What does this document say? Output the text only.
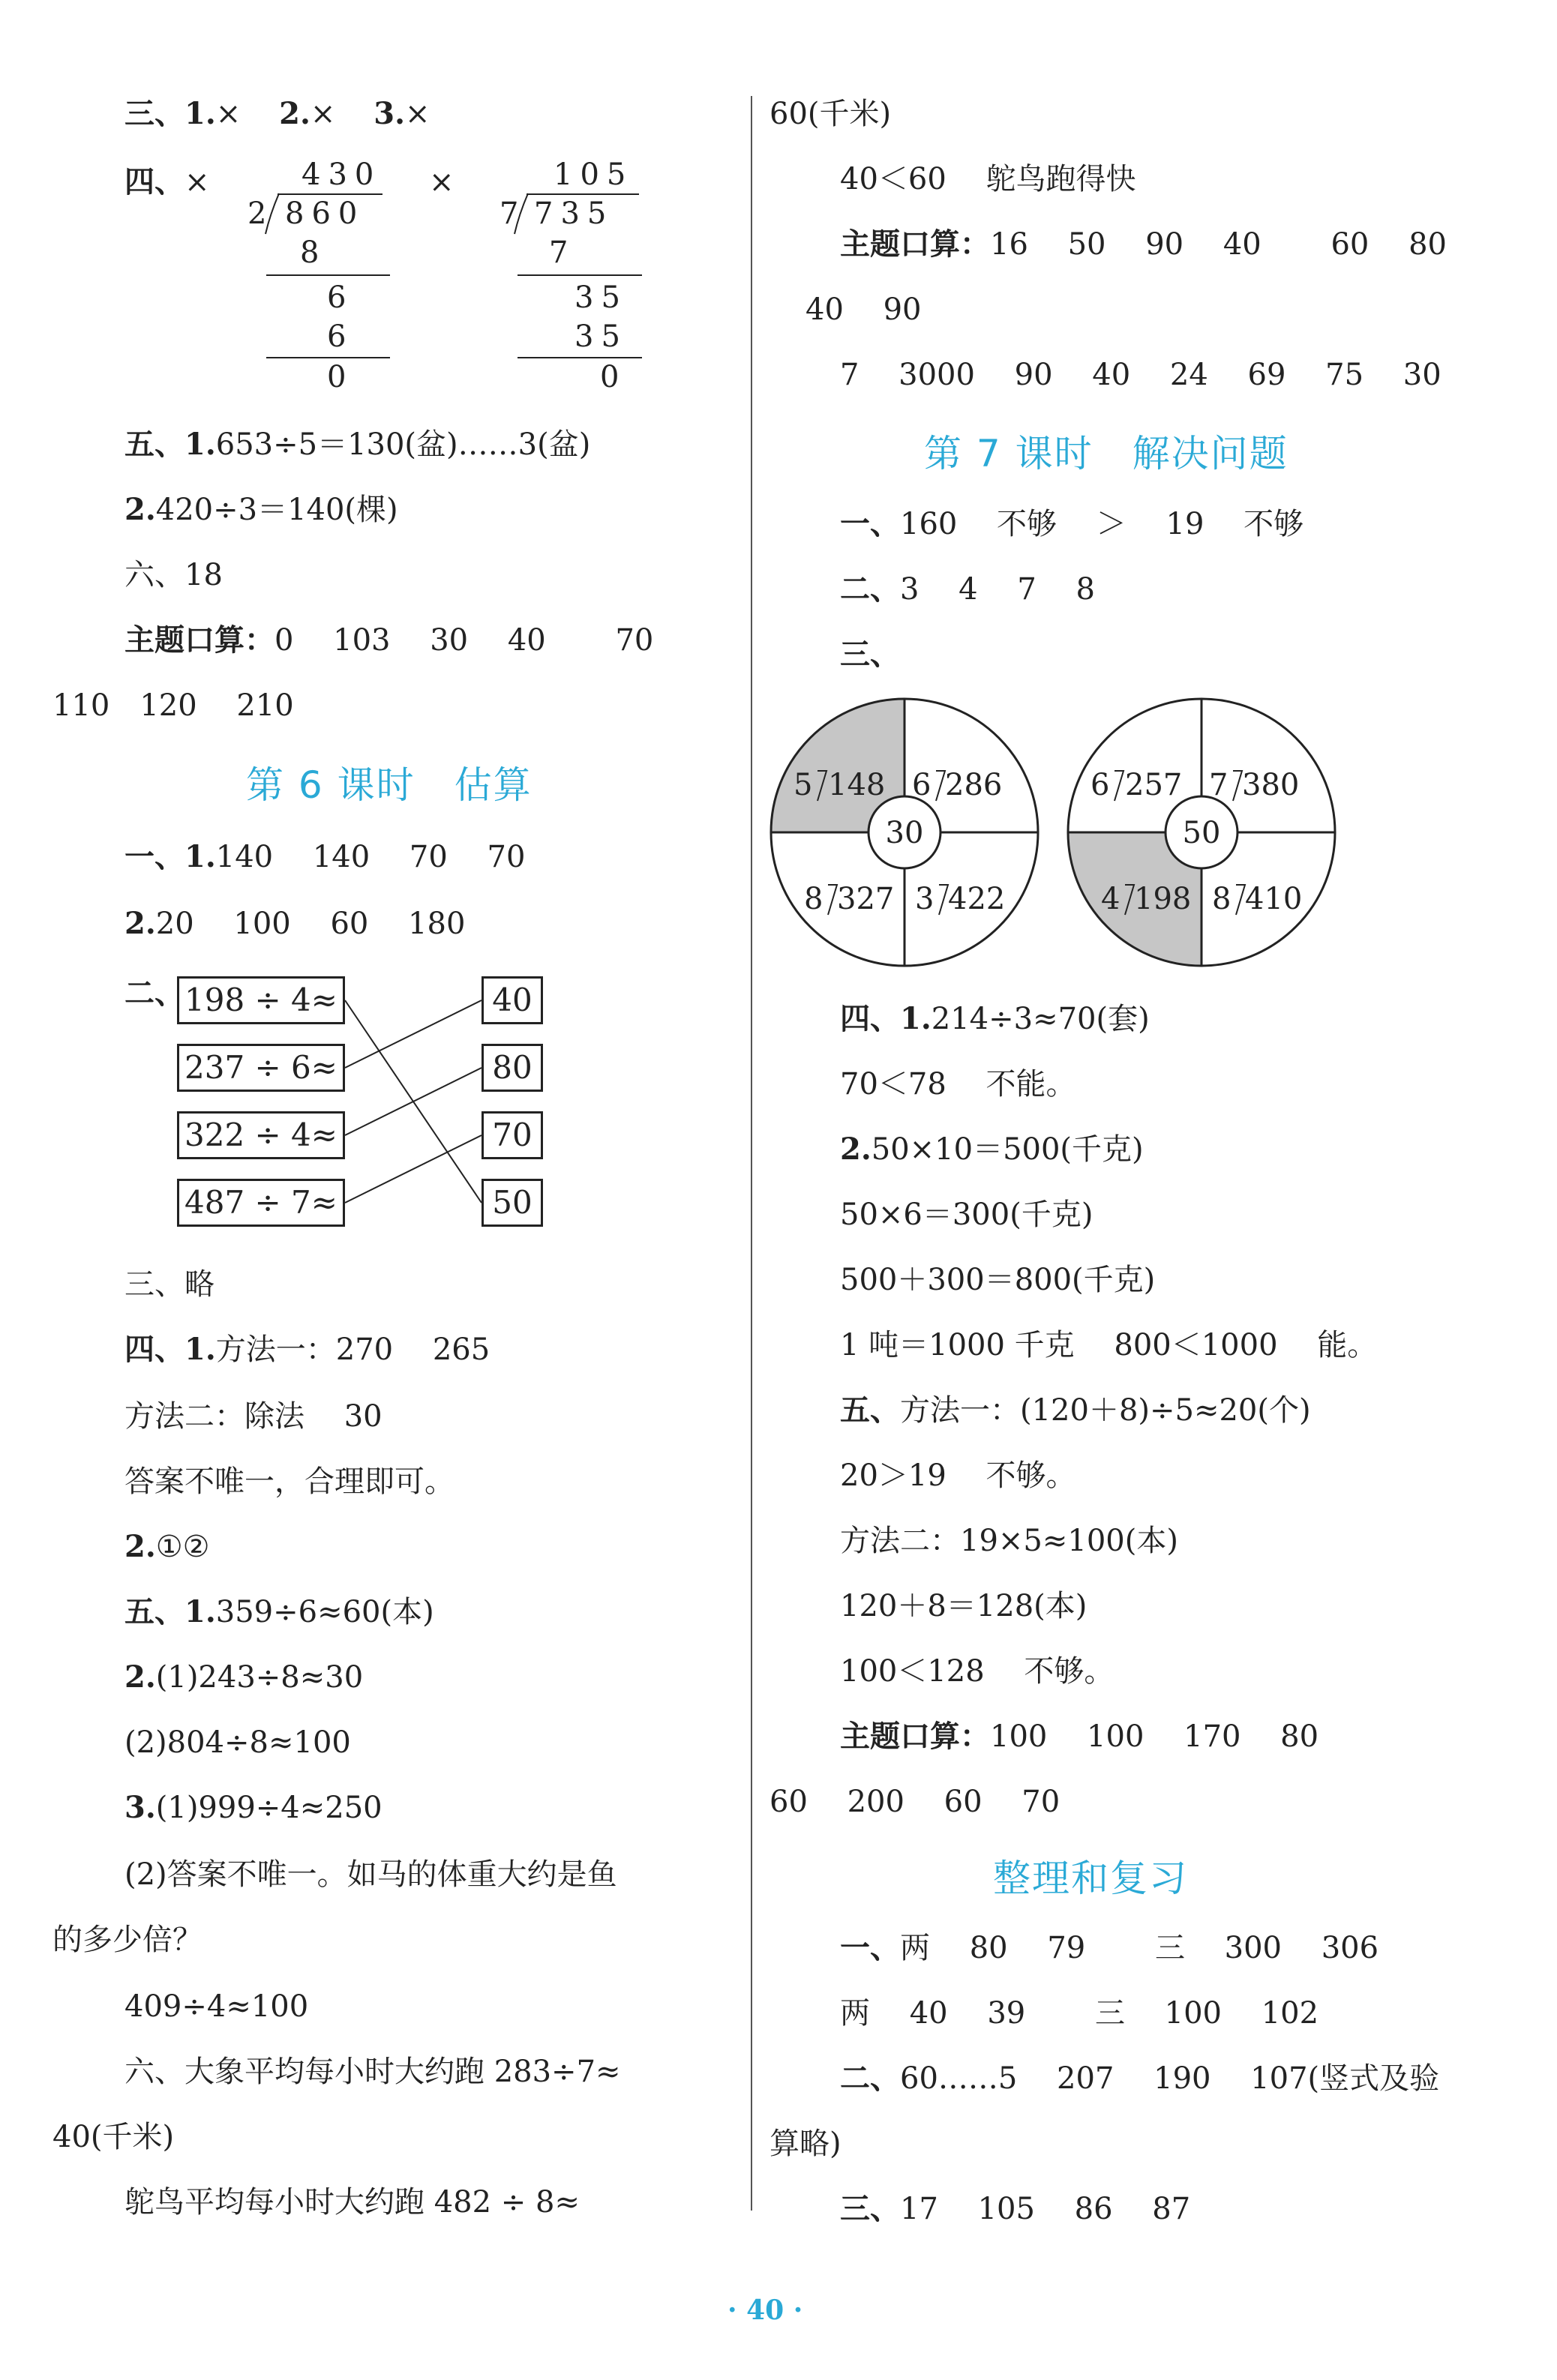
三、1.× 2.× 3.×
四、 ×	×
430
2 860
8
6
6
0
105
7 735
7
35
35
0
五、1.653÷5＝130(盆)……3(盆)
2.420÷3＝140(棵)
六、18
主题口算：0　 103　 30　 40　　 70
110　120　 210
第 6 课时　估算
一、1.140　 140　 70　 70
2.20　 100　 60　 180
二、 198 ÷ 4≈
237 ÷ 6≈
322 ÷ 4≈
487 ÷ 7≈
40
80
70
50
三、略
四、1.方法一：270　 265
方法二：除法　 30
答案不唯一，合理即可。
2.①②
五、1.359÷6≈60(本)
2.(1)243÷8≈30
(2)804÷8≈100
3.(1)999÷4≈250
(2)答案不唯一。如马的体重大约是鱼
的多少倍？
409÷4≈100
六、大象平均每小时大约跑 283÷7≈
40(千米)
鸵鸟平均每小时大约跑 482 ÷ 8≈
60(千米)
40＜60　 鸵鸟跑得快
主题口算：16　 50　 90　 40　　 60　 80
40　 90
7　 3000　 90　 40　 24　 69　 75　 30
第 7 课时　解决问题
一、160　 不够　 ＞　 19　 不够
二、3　 4　 7　 8
三、
30
5 148 6 286
8 327 3 422
50
6 257 7 380
4 198 8 410
四、1.214÷3≈70(套)
70＜78　 不能。
2.50×10＝500(千克)
50×6＝300(千克)
500＋300＝800(千克)
1 吨＝1000 千克　 800＜1000　 能。
五、方法一：(120＋8)÷5≈20(个)
20＞19　 不够。
方法二：19×5≈100(本)
120＋8＝128(本)
100＜128　 不够。
主题口算：100　 100　 170　 80
60　 200　 60　 70
整理和复习
一、两　 80　 79　　 三　 300　 306
两　 40　 39　　 三　 100　 102
二、60……5　 207　 190　 107(竖式及验
算略)
三、17　 105　 86　 87
· 40 ·
